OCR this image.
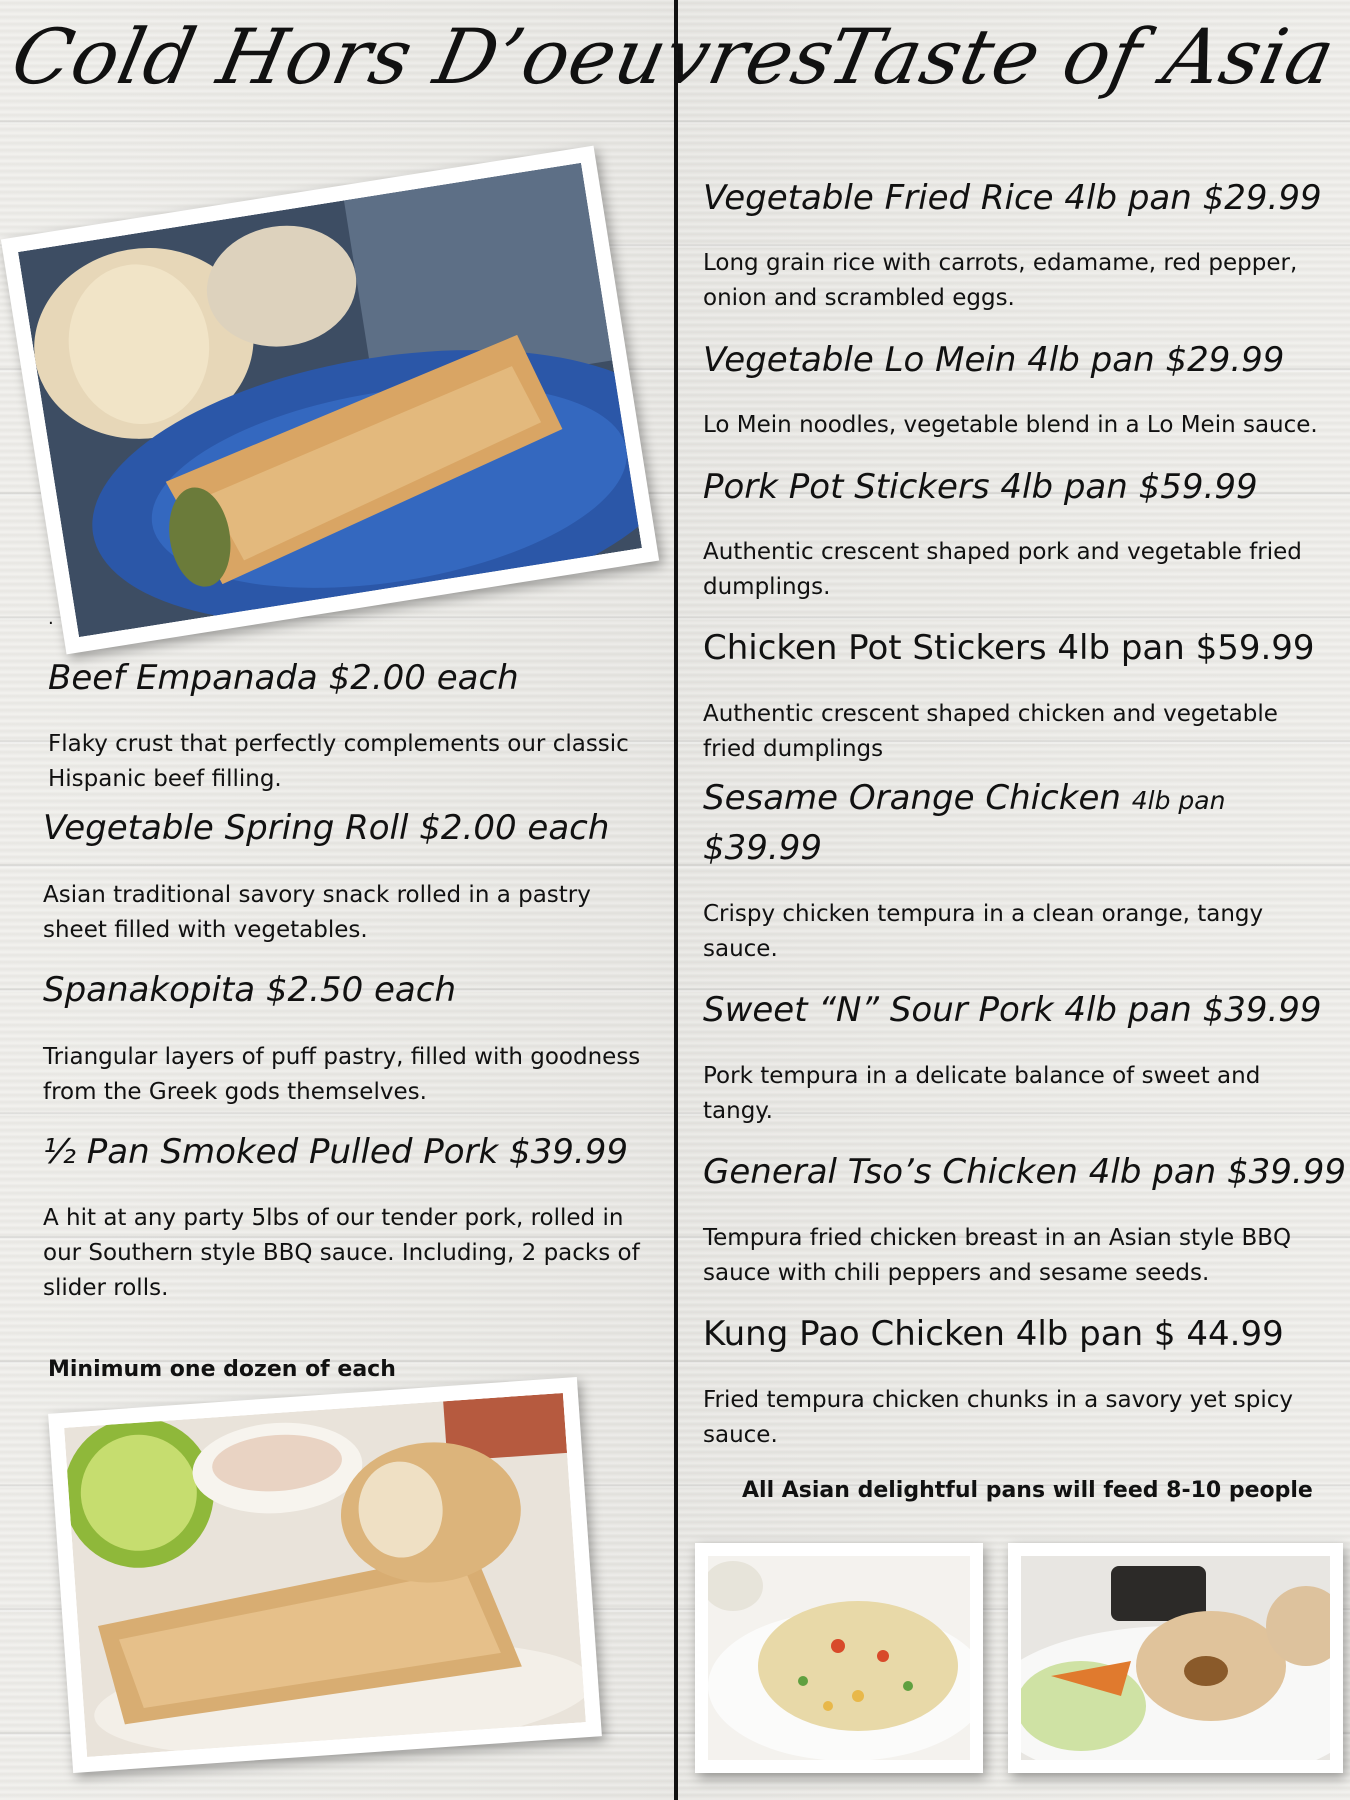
Cold Hors D’oeuvres
.
Beef Empanada $2.00 each

Flaky crust that perfectly complements our classic Hispanic beef filling.

Vegetable Spring Roll $2.00 each

Asian traditional savory snack rolled in a pastry sheet filled with vegetables.

Spanakopita $2.50 each

Triangular layers of puff pastry, filled with goodness from the Greek gods themselves.

½ Pan Smoked Pulled Pork $39.99

A hit at any party 5lbs of our tender pork, rolled in our Southern style BBQ sauce. Including, 2 packs of slider rolls.

Minimum one dozen of each

Taste of Asia
Vegetable Fried Rice 4lb pan $29.99

Long grain rice with carrots, edamame, red pepper, onion and scrambled eggs.

Vegetable Lo Mein 4lb pan $29.99

Lo Mein noodles, vegetable blend in a Lo Mein sauce.

Pork Pot Stickers 4lb pan $59.99

Authentic crescent shaped pork and vegetable fried dumplings.

Chicken Pot Stickers 4lb pan $59.99

Authentic crescent shaped chicken and vegetable fried dumplings

Sesame Orange Chicken 4lb pan
$39.99

Crispy chicken tempura in a clean orange, tangy sauce.

Sweet “N” Sour Pork 4lb pan $39.99

Pork tempura in a delicate balance of sweet and tangy.

General Tso’s Chicken 4lb pan $39.99

Tempura fried chicken breast in an Asian style BBQ sauce with chili peppers and sesame seeds.

Kung Pao Chicken 4lb pan $ 44.99

Fried tempura chicken chunks in a savory yet spicy sauce.

All Asian delightful pans will feed 8-10 people
